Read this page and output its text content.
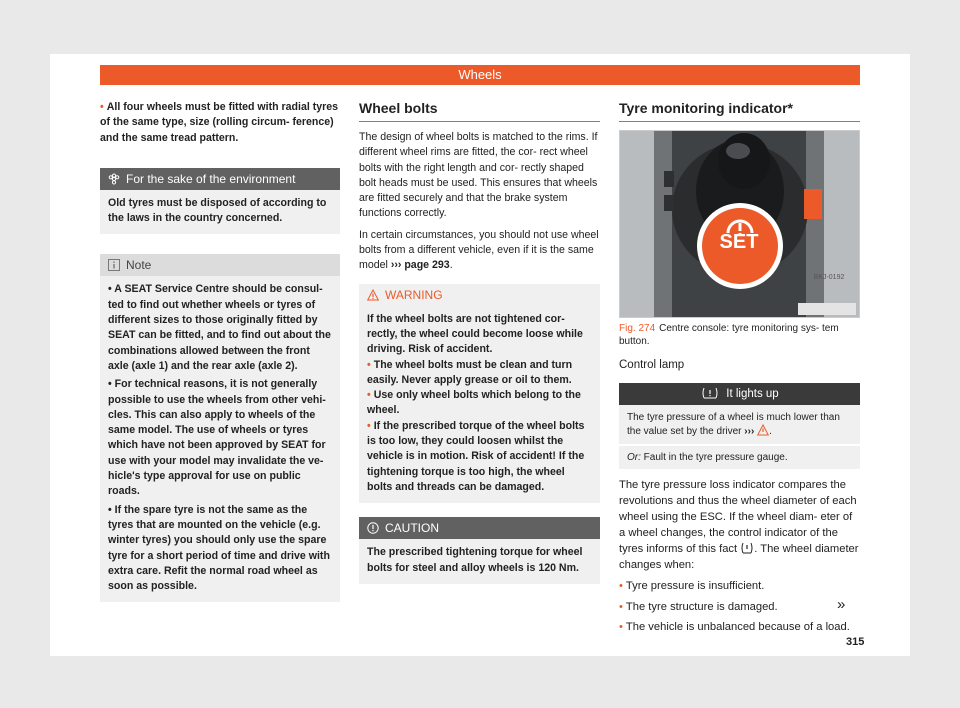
Wheels

• All four wheels must be fitted with radial tyres of the same type, size (rolling circum- ference) and the same tread pattern.

For the sake of the environment
Old tyres must be disposed of according to the laws in the country concerned.
Note

• A SEAT Service Centre should be consul- ted to find out whether wheels or tyres of different sizes to those originally fitted by SEAT can be fitted, and to find out about the combinations allowed between the front axle (axle 1) and the rear axle (axle 2).

• For technical reasons, it is not generally possible to use the wheels from other vehi- cles. This can also apply to wheels of the same model. The use of wheels or tyres which have not been approved by SEAT for use with your model may invalidate the ve- hicle's type approval for use on public roads.

• If the spare tyre is not the same as the tyres that are mounted on the vehicle (e.g. winter tyres) you should only use the spare tyre for a short period of time and drive with extra care. Refit the normal road wheel as soon as possible.

Wheel bolts

The design of wheel bolts is matched to the rims. If different wheel rims are fitted, the cor- rect wheel bolts with the right length and cor- rectly shaped bolt heads must be used. This ensures that wheels are fitted securely and that the brake system functions correctly.

In certain circumstances, you should not use wheel bolts from a different vehicle, even if it is the same model ››› page 293.

WARNING

If the wheel bolts are not tightened cor- rectly, the wheel could become loose while driving. Risk of accident.

• The wheel bolts must be clean and turn easily. Never apply grease or oil to them.

• Use only wheel bolts which belong to the wheel.

• If the prescribed torque of the wheel bolts is too low, they could loosen whilst the vehicle is in motion. Risk of accident! If the tightening torque is too high, the wheel bolts and threads can be damaged.

CAUTION
The prescribed tightening torque for wheel bolts for steel and alloy wheels is 120 Nm.
Tyre monitoring indicator*
SET
BKJ-0192
Fig. 274 Centre console: tyre monitoring sys- tem button.

Control lamp

It lights up
The tyre pressure of a wheel is much lower than the value set by the driver ››› .
Or: Fault in the tyre pressure gauge.

The tyre pressure loss indicator compares the revolutions and thus the wheel diameter of each wheel using the ESC. If the wheel diam- eter of a wheel changes, the control indicator of the tyres informs of this fact . The wheel diameter changes when:

• Tyre pressure is insufficient.

• The tyre structure is damaged.

• The vehicle is unbalanced because of a load.

»
315
